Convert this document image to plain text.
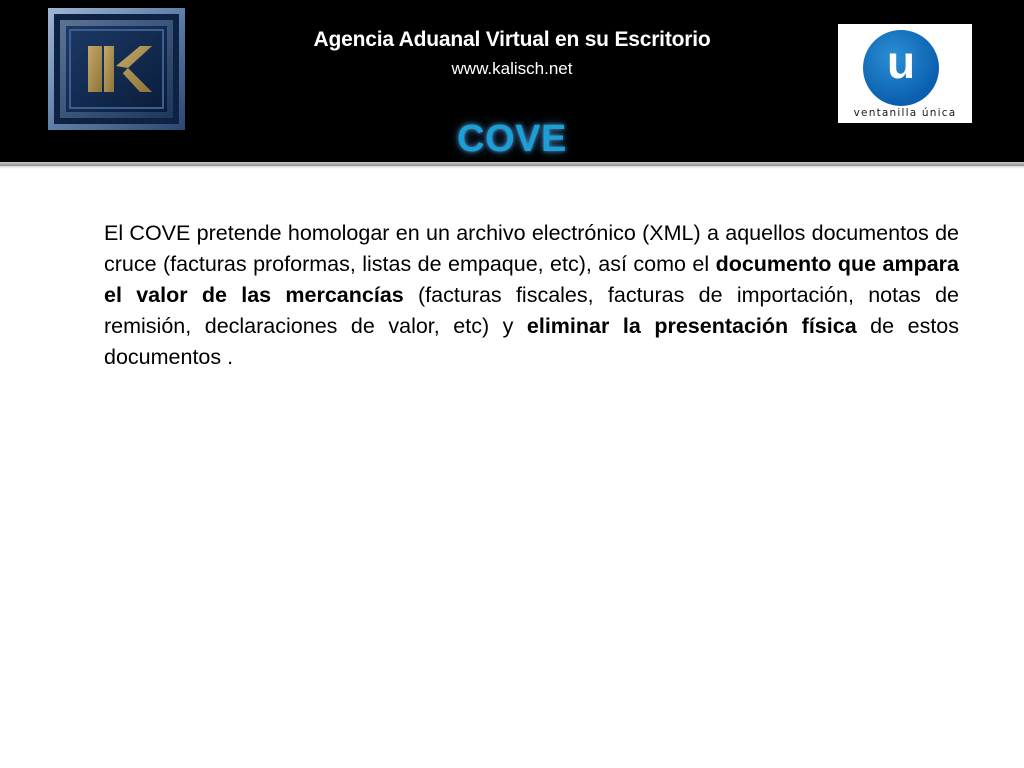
Agencia Aduanal Virtual en su Escritorio
www.kalisch.net
COVE
u
ventanilla única

El COVE pretende homologar en un archivo electrónico (XML) a aquellos documentos de cruce (facturas proformas, listas de empaque, etc), así como el documento que ampara el valor de las mercancías (facturas fiscales, facturas de importación, notas de remisión, declaraciones de valor, etc) y eliminar la presentación física de estos documentos .
